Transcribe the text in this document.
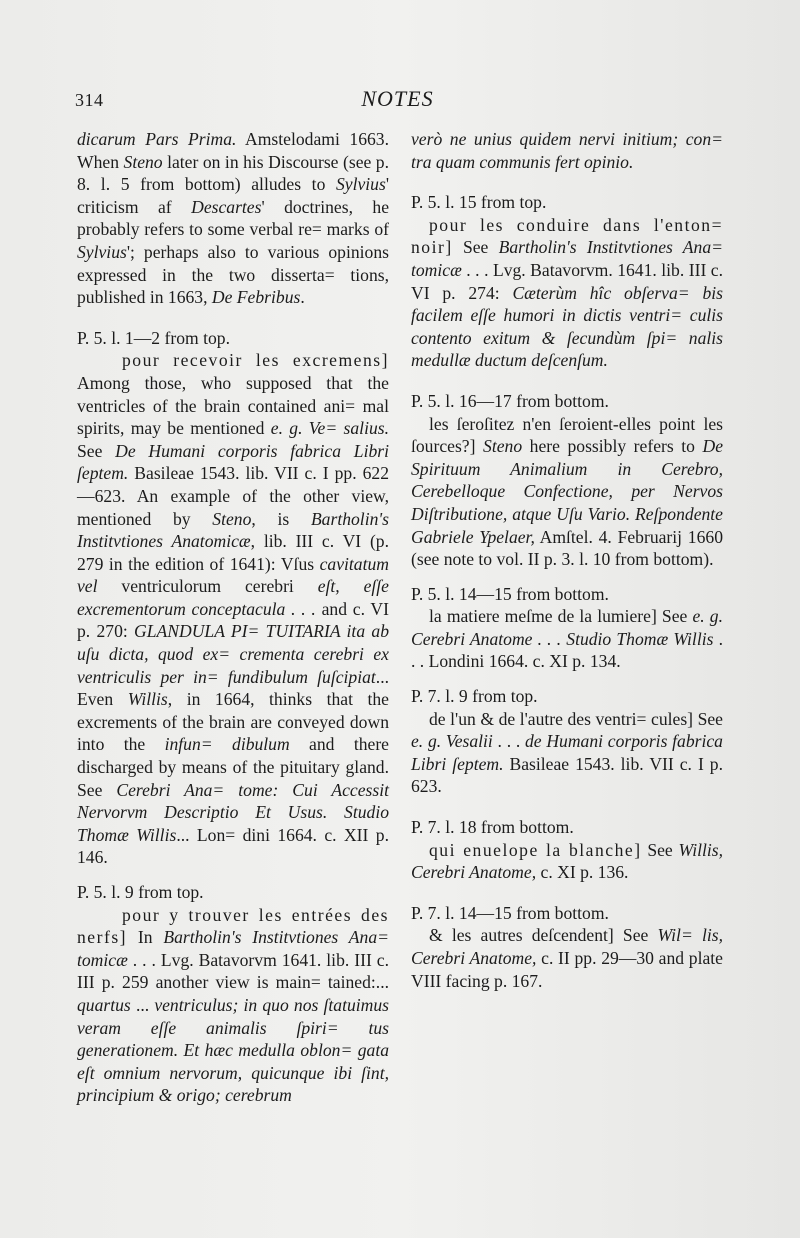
314	NOTES

dicarum Pars Prima. Amstelodami 1663. When Steno later on in his Discourse (see p. 8. l. 5 from bottom) alludes to Sylvius' criticism af Descartes' doctrines, he probably refers to some verbal re= marks of Sylvius'; perhaps also to various opinions expressed in the two disserta= tions, published in 1663, De Febribus.

P. 5. l. 1—2 from top.

pour recevoir les excremens] Among those, who supposed that the ventricles of the brain contained ani= mal spirits, may be mentioned e. g. Ve= salius. See De Humani corporis fabrica Libri ſeptem. Basileae 1543. lib. VII c. I pp. 622—623. An example of the other view, mentioned by Steno, is Bartholin's Institvtiones Anatomicæ, lib. III c. VI (p. 279 in the edition of 1641): Vſus cavitatum vel ventriculorum cerebri eſt, eſſe excrementorum conceptacula . . . and c. VI p. 270: GLANDULA PI= TUITARIA ita ab uſu dicta, quod ex= crementa cerebri ex ventriculis per in= fundibulum ſuſcipiat... Even Willis, in 1664, thinks that the excrements of the brain are conveyed down into the infun= dibulum and there discharged by means of the pituitary gland. See Cerebri Ana= tome: Cui Accessit Nervorvm Descriptio Et Usus. Studio Thomæ Willis... Lon= dini 1664. c. XII p. 146.

P. 5. l. 9 from top.

pour y trouver les entrées des nerfs] In Bartholin's Institvtiones Ana= tomicæ . . . Lvg. Batavorvm 1641. lib. III c. III p. 259 another view is main= tained:... quartus ... ventriculus; in quo nos ſtatuimus veram eſſe animalis ſpiri= tus generationem. Et hæc medulla oblon= gata eſt omnium nervorum, quicunque ibi ſint, principium & origo; cerebrum

verò ne unius quidem nervi initium; con= tra quam communis fert opinio.

P. 5. l. 15 from top.

pour les conduire dans l'enton= noir] See Bartholin's Institvtiones Ana= tomicæ . . . Lvg. Batavorvm. 1641. lib. III c. VI p. 274: Cæterùm hîc obſerva= bis facilem eſſe humori in dictis ventri= culis contento exitum & ſecundùm ſpi= nalis medullæ ductum deſcenſum.

P. 5. l. 16—17 from bottom.

les ſeroſitez n'en ſeroient-elles point les ſources?] Steno here possibly refers to De Spirituum Animalium in Cerebro, Cerebelloque Confectione, per Nervos Diſtributione, atque Uſu Vario. Reſpondente Gabriele Ypelaer, Amſtel. 4. Februarij 1660 (see note to vol. II p. 3. l. 10 from bottom).

P. 5. l. 14—15 from bottom.

la matiere meſme de la lumiere] See e. g. Cerebri Anatome . . . Studio Thomæ Willis . . . Londini 1664. c. XI p. 134.

P. 7. l. 9 from top.

de l'un & de l'autre des ventri= cules] See e. g. Vesalii . . . de Humani corporis fabrica Libri ſeptem. Basileae 1543. lib. VII c. I p. 623.

P. 7. l. 18 from bottom.

qui enuelope la blanche] See Willis, Cerebri Anatome, c. XI p. 136.

P. 7. l. 14—15 from bottom.

& les autres deſcendent] See Wil= lis, Cerebri Anatome, c. II pp. 29—30 and plate VIII facing p. 167.
